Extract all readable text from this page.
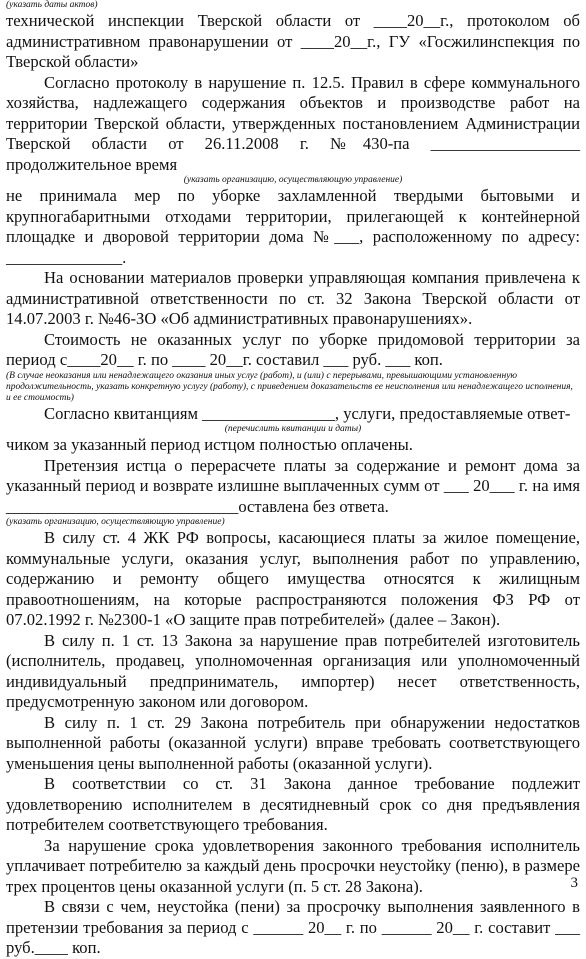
(указать даты актов)

технической инспекции Тверской области от ____20__г., протоколом об административном правонарушении от ____20__г., ГУ «Госжилинспекция по Тверской области»

Согласно протоколу в нарушение п. 12.5. Правил в сфере коммунального хозяйства, надлежащего содержания объектов и производстве работ на территории Тверской области, утвержденных постановлением Администрации Тверской области от 26.11.2008 г. №430-па __________________ продолжительное время

(указать организацию, осуществляющую управление)

не принимала мер по уборке захламленной твердыми бытовыми и крупногабаритными отходами территории, прилегающей к контейнерной площадке и дворовой территории дома №___, расположенному по адресу: ______________.

На основании материалов проверки управляющая компания привлечена к административной ответственности по ст. 32 Закона Тверской области от 14.07.2003 г. №46-ЗО «Об административных правонарушениях».

Стоимость не оказанных услуг по уборке придомовой территории за период с____20__ г. по ____ 20__г. составил ___ руб. ___ коп.

(В случае неоказания или ненадлежащего оказания иных услуг (работ), и (или) с перерывами, превышающими установленную продолжительность, указать конкретную услугу (работу), с приведением доказательств ее неисполнения или ненадлежащего исполнения, и ее стоимость)

Согласно квитанциям ________________, услуги, предоставляемые ответ-

(перечислить квитанции и даты)

чиком за указанный период истцом полностью оплачены.

Претензия истца о перерасчете платы за содержание и ремонт дома за указанный период и возврате излишне выплаченных сумм от ___ 20___ г. на имя ____________________________оставлена без ответа.

(указать организацию, осуществляющую управление)

В силу ст. 4 ЖК РФ вопросы, касающиеся платы за жилое помещение, коммунальные услуги, оказания услуг, выполнения работ по управлению, содержанию и ремонту общего имущества относятся к жилищным правоотношениям, на которые распространяются положения ФЗ РФ от 07.02.1992 г. №2300-1 «О защите прав потребителей» (далее – Закон).

В силу п. 1 ст. 13 Закона за нарушение прав потребителей изготовитель (исполнитель, продавец, уполномоченная организация или уполномоченный индивидуальный предприниматель, импортер) несет ответственность, предусмотренную законом или договором.

В силу п. 1 ст. 29 Закона потребитель при обнаружении недостатков выполненной работы (оказанной услуги) вправе требовать соответствующего уменьшения цены выполненной работы (оказанной услуги).

В соответствии со ст. 31 Закона данное требование подлежит удовлетворению исполнителем в десятидневный срок со дня предъявления потребителем соответствующего требования.

За нарушение срока удовлетворения законного требования исполнитель уплачивает потребителю за каждый день просрочки неустойку (пеню), в размере трех процентов цены оказанной услуги (п. 5 ст. 28 Закона).

В связи с чем, неустойка (пени) за просрочку выполнения заявленного в претензии требования за период с ______ 20__ г. по ______ 20__ г. составит ___ руб.____ коп.

3
